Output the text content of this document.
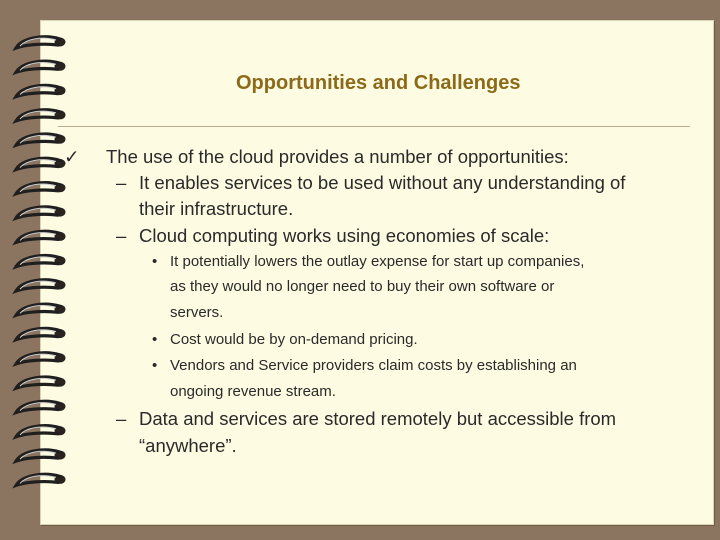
Opportunities and Challenges
✓ The use of the cloud provides a number of opportunities:
– It enables services to be used without any understanding of
their infrastructure.
– Cloud computing works using economies of scale:
• It potentially lowers the outlay expense for start up companies,
as they would no longer need to buy their own software or
servers.
• Cost would be by on-demand pricing.
• Vendors and Service providers claim costs by establishing an
ongoing revenue stream.
– Data and services are stored remotely but accessible from
“anywhere”.
